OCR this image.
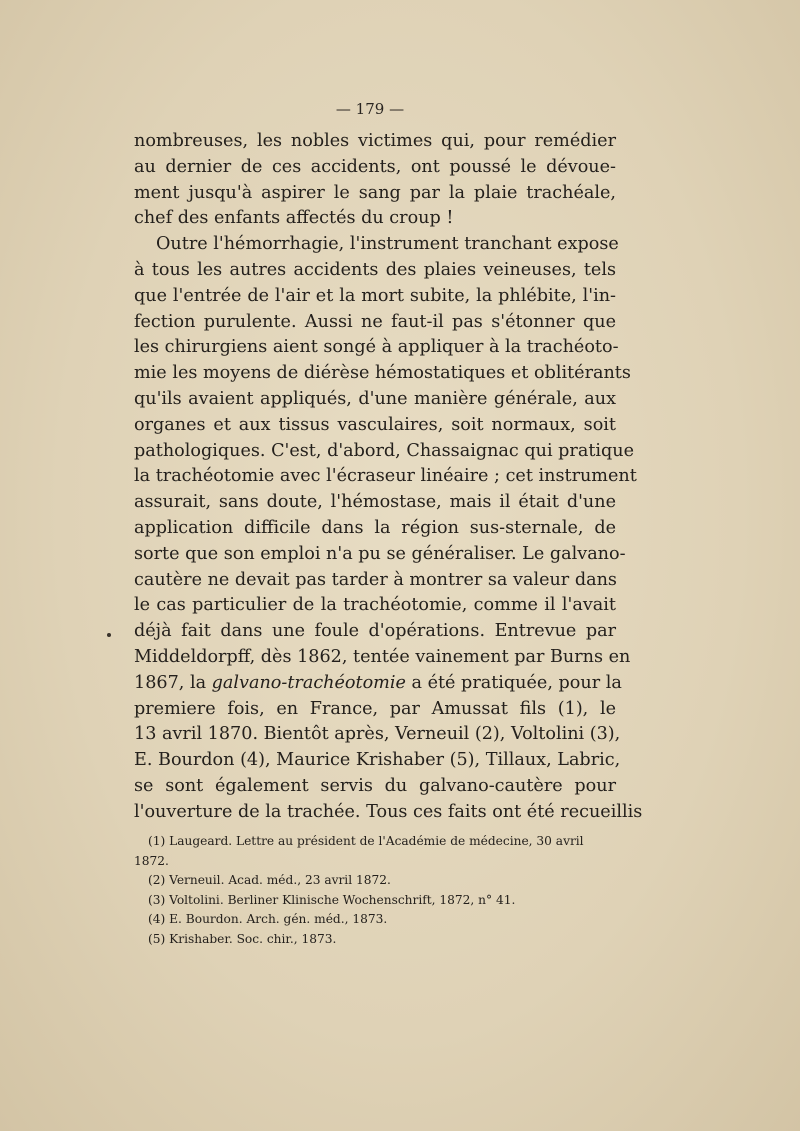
— 179 —
nombreuses, les nobles victimes qui, pour remédier
au dernier de ces accidents, ont poussé le dévoue-
ment jusqu'à aspirer le sang par la plaie trachéale,
chef des enfants affectés du croup !
Outre l'hémorrhagie, l'instrument tranchant expose
à tous les autres accidents des plaies veineuses, tels
que l'entrée de l'air et la mort subite, la phlébite, l'in-
fection purulente. Aussi ne faut-il pas s'étonner que
les chirurgiens aient songé à appliquer à la trachéoto-
mie les moyens de diérèse hémostatiques et oblitérants
qu'ils avaient appliqués, d'une manière générale, aux
organes et aux tissus vasculaires, soit normaux, soit
pathologiques. C'est, d'abord, Chassaignac qui pratique
la trachéotomie avec l'écraseur linéaire ; cet instrument
assurait, sans doute, l'hémostase, mais il était d'une
application difficile dans la région sus-sternale, de
sorte que son emploi n'a pu se généraliser. Le galvano-
cautère ne devait pas tarder à montrer sa valeur dans
le cas particulier de la trachéotomie, comme il l'avait
déjà fait dans une foule d'opérations. Entrevue par
Middeldorpff, dès 1862, tentée vainement par Burns en
1867, la galvano-trachéotomie a été pratiquée, pour la
premiere fois, en France, par Amussat fils (1), le
13 avril 1870. Bientôt après, Verneuil (2), Voltolini (3),
E. Bourdon (4), Maurice Krishaber (5), Tillaux, Labric,
se sont également servis du galvano-cautère pour
l'ouverture de la trachée. Tous ces faits ont été recueillis
(1) Laugeard. Lettre au président de l'Académie de médecine, 30 avril
1872.
(2) Verneuil. Acad. méd., 23 avril 1872.
(3) Voltolini. Berliner Klinische Wochenschrift, 1872, n° 41.
(4) E. Bourdon. Arch. gén. méd., 1873.
(5) Krishaber. Soc. chir., 1873.
